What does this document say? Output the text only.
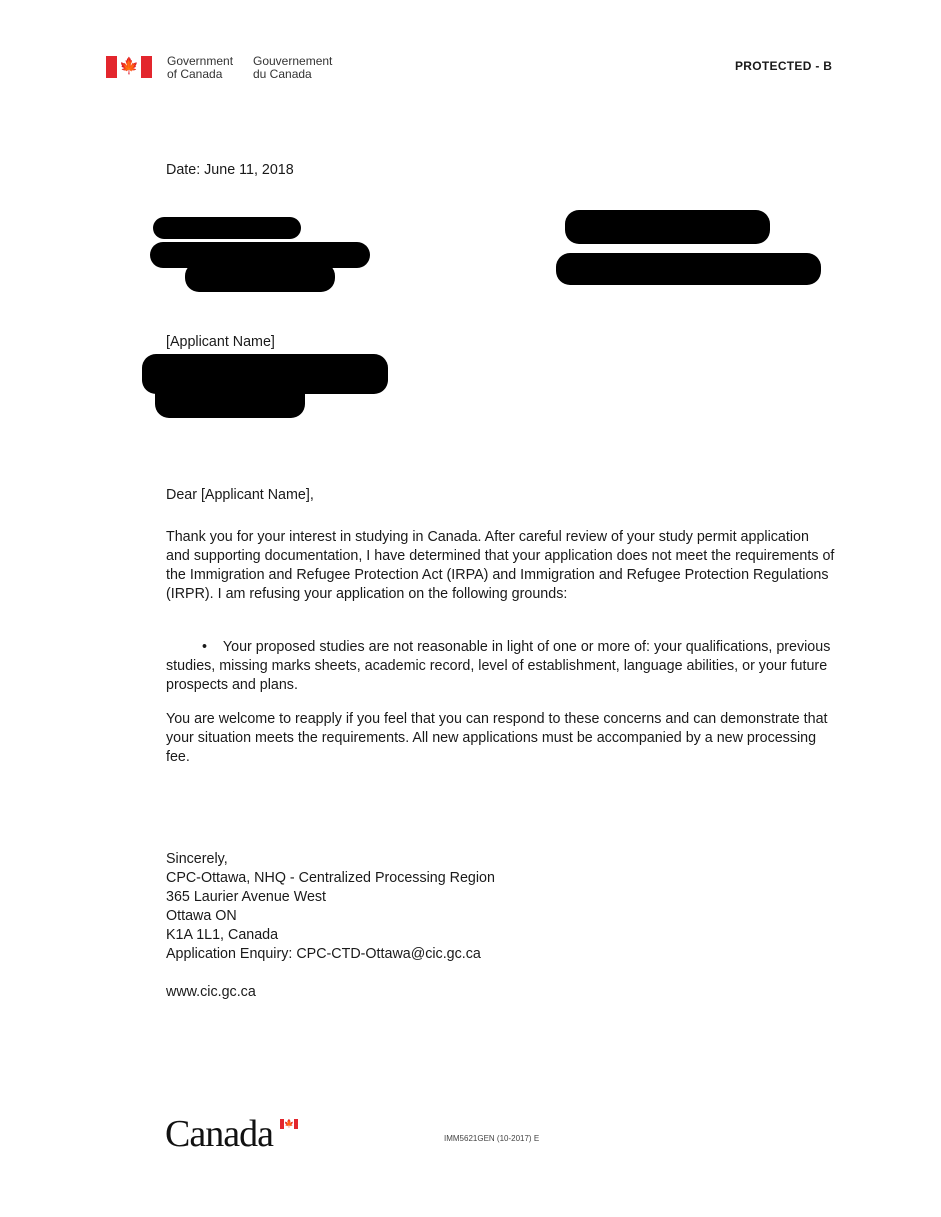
🍁 Government
of Canada
Gouvernement
du Canada
PROTECTED - B
Date: June 11, 2018
[Applicant Name]
Dear [Applicant Name],
Thank you for your interest in studying in Canada. After careful review of your study permit application and supporting documentation, I have determined that your application does not meet the requirements of the Immigration and Refugee Protection Act (IRPA) and Immigration and Refugee Protection Regulations (IRPR). I am refusing your application on the following grounds:
• Your proposed studies are not reasonable in light of one or more of: your qualifications, previous studies, missing marks sheets, academic record, level of establishment, language abilities, or your future prospects and plans.
You are welcome to reapply if you feel that you can respond to these concerns and can demonstrate that your situation meets the requirements. All new applications must be accompanied by a new processing fee.
Sincerely,
CPC-Ottawa, NHQ - Centralized Processing Region
365 Laurier Avenue West
Ottawa ON
K1A 1L1, Canada
Application Enquiry: CPC-CTD-Ottawa@cic.gc.ca
www.cic.gc.ca
Canada 🍁
IMM5621GEN (10-2017) E
